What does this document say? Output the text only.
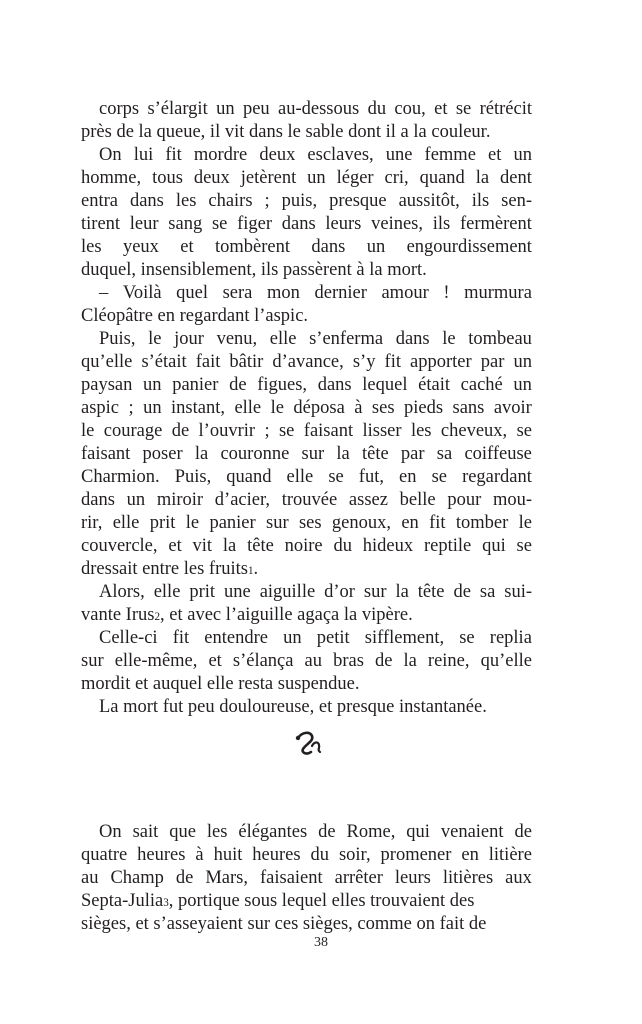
corps s’élargit un peu au-dessous du cou, et se rétrécit
près de la queue, il vit dans le sable dont il a la couleur.
On lui fit mordre deux esclaves, une femme et un
homme, tous deux jetèrent un léger cri, quand la dent
entra dans les chairs ; puis, presque aussitôt, ils sen-
tirent leur sang se figer dans leurs veines, ils fermèrent
les yeux et tombèrent dans un engourdissement
duquel, insensiblement, ils passèrent à la mort.
– Voilà quel sera mon dernier amour ! murmura
Cléopâtre en regardant l’aspic.
Puis, le jour venu, elle s’enferma dans le tombeau
qu’elle s’était fait bâtir d’avance, s’y fit apporter par un
paysan un panier de figues, dans lequel était caché un
aspic ; un instant, elle le déposa à ses pieds sans avoir
le courage de l’ouvrir ; se faisant lisser les cheveux, se
faisant poser la couronne sur la tête par sa coiffeuse
Charmion. Puis, quand elle se fut, en se regardant
dans un miroir d’acier, trouvée assez belle pour mou-
rir, elle prit le panier sur ses genoux, en fit tomber le
couvercle, et vit la tête noire du hideux reptile qui se
dressait entre les fruits 1 .
Alors, elle prit une aiguille d’or sur la tête de sa sui-
vante Irus 2 , et avec l’aiguille agaça la vipère.
Celle-ci fit entendre un petit sifflement, se replia
sur elle-même, et s’élança au bras de la reine, qu’elle
mordit et auquel elle resta suspendue.
La mort fut peu douloureuse, et presque instantanée.
On sait que les élégantes de Rome, qui venaient de
quatre heures à huit heures du soir, promener en litière
au Champ de Mars, faisaient arrêter leurs litières aux
Septa-Julia 3 , portique sous lequel elles trouvaient des
sièges, et s’asseyaient sur ces sièges, comme on fait de
38
